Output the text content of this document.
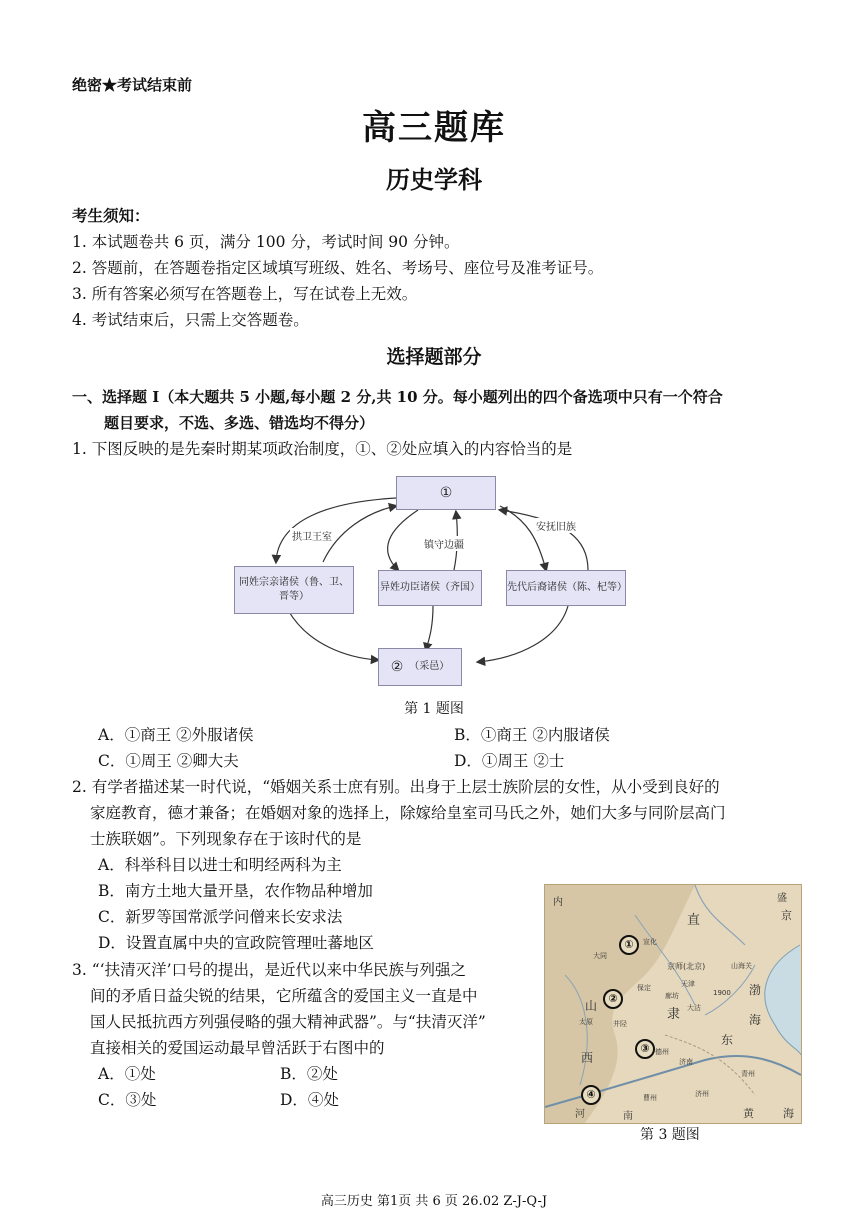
绝密★考试结束前
高三题库
历史学科
考生须知：
1. 本试题卷共 6 页，满分 100 分，考试时间 90 分钟。
2. 答题前，在答题卷指定区域填写班级、姓名、考场号、座位号及准考证号。
3. 所有答案必须写在答题卷上，写在试卷上无效。
4. 考试结束后，只需上交答题卷。
选择题部分
一、选择题 I（本大题共 5 小题,每小题 2 分,共 10 分。每小题列出的四个备选项中只有一个符合
题目要求，不选、多选、错选均不得分）
1. 下图反映的是先秦时期某项政治制度，①、②处应填入的内容恰当的是
①
同姓宗亲诸侯（鲁、卫、
晋等）
异姓功臣诸侯（齐国）	先代后裔诸侯（陈、杞等）
② （采邑）
拱卫王室
镇守边疆
安抚旧族
第 1 题图
A．①商王 ②外服诸侯	B．①商王 ②内服诸侯
C．①周王 ②卿大夫	D．①周王 ②士
2. 有学者描述某一时代说，“婚姻关系士庶有别。出身于上层士族阶层的女性，从小受到良好的
家庭教育，德才兼备；在婚姻对象的选择上，除嫁给皇室司马氏之外，她们大多与同阶层高门
士族联姻”。下列现象存在于该时代的是
A．科举科目以进士和明经两科为主
B．南方土地大量开垦，农作物品种增加
C．新罗等国常派学问僧来长安求法
D．设置直属中央的宣政院管理吐蕃地区
3. “‘扶清灭洋’口号的提出，是近代以来中华民族与列强之
间的矛盾日益尖锐的结果，它所蕴含的爱国主义一直是中
国人民抵抗西方列强侵略的强大精神武器”。与“扶清灭洋”
直接相关的爱国运动最早曾活跃于右图中的
A．①处	B．②处
C．③处	D．④处
①
②
③
④
宣化
大同
京师(北京)	山海关
保定	天津
廊坊
大沽
1900
太原	井陉
德州
济南
青州
曹州	济州
直
隶
京
盛
渤
海
山
西
东
河	南	黄	海
内
第 3 题图
高三历史 第1页 共 6 页 26.02 Z-J-Q-J
